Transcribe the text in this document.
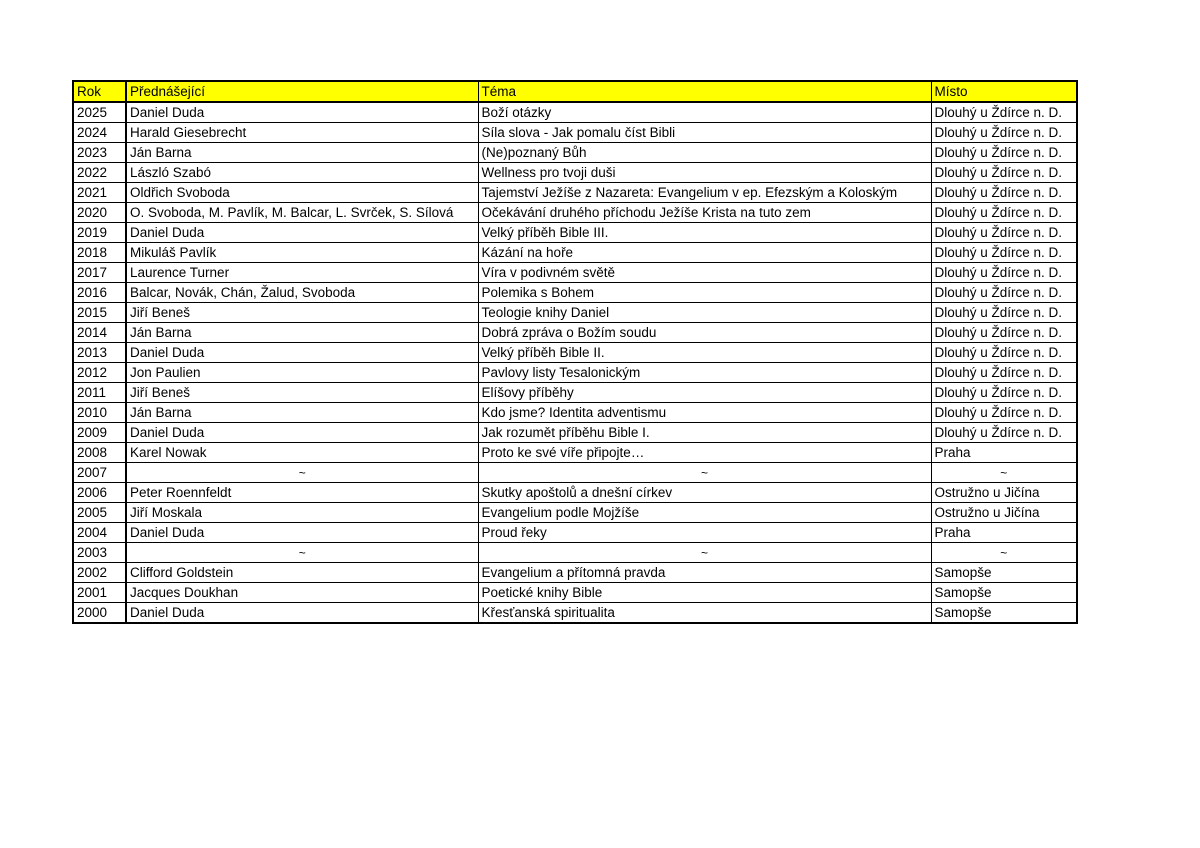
Rok	Přednášející	Téma	Místo
2025	Daniel Duda	Boží otázky	Dlouhý u Ždírce n. D.
2024	Harald Giesebrecht	Síla slova - Jak pomalu číst Bibli	Dlouhý u Ždírce n. D.
2023	Ján Barna	(Ne)poznaný Bůh	Dlouhý u Ždírce n. D.
2022	László Szabó	Wellness pro tvoji duši	Dlouhý u Ždírce n. D.
2021	Oldřich Svoboda	Tajemství Ježíše z Nazareta: Evangelium v ep. Efezským a Koloským	Dlouhý u Ždírce n. D.
2020	O. Svoboda, M. Pavlík, M. Balcar, L. Svrček, S. Sílová	Očekávání druhého příchodu Ježíše Krista na tuto zem	Dlouhý u Ždírce n. D.
2019	Daniel Duda	Velký příběh Bible III.	Dlouhý u Ždírce n. D.
2018	Mikuláš Pavlík	Kázání na hoře	Dlouhý u Ždírce n. D.
2017	Laurence Turner	Víra v podivném světě	Dlouhý u Ždírce n. D.
2016	Balcar, Novák, Chán, Žalud, Svoboda	Polemika s Bohem	Dlouhý u Ždírce n. D.
2015	Jiří Beneš	Teologie knihy Daniel	Dlouhý u Ždírce n. D.
2014	Ján Barna	Dobrá zpráva o Božím soudu	Dlouhý u Ždírce n. D.
2013	Daniel Duda	Velký příběh Bible II.	Dlouhý u Ždírce n. D.
2012	Jon Paulien	Pavlovy listy Tesalonickým	Dlouhý u Ždírce n. D.
2011	Jiří Beneš	Elíšovy příběhy	Dlouhý u Ždírce n. D.
2010	Ján Barna	Kdo jsme? Identita adventismu	Dlouhý u Ždírce n. D.
2009	Daniel Duda	Jak rozumět příběhu Bible I.	Dlouhý u Ždírce n. D.
2008	Karel Nowak	Proto ke své víře připojte…	Praha
2007	~	~	~
2006	Peter Roennfeldt	Skutky apoštolů a dnešní církev	Ostružno u Jičína
2005	Jiří Moskala	Evangelium podle Mojžíše	Ostružno u Jičína
2004	Daniel Duda	Proud řeky	Praha
2003	~	~	~
2002	Clifford Goldstein	Evangelium a přítomná pravda	Samopše
2001	Jacques Doukhan	Poetické knihy Bible	Samopše
2000	Daniel Duda	Křesťanská spiritualita	Samopše
